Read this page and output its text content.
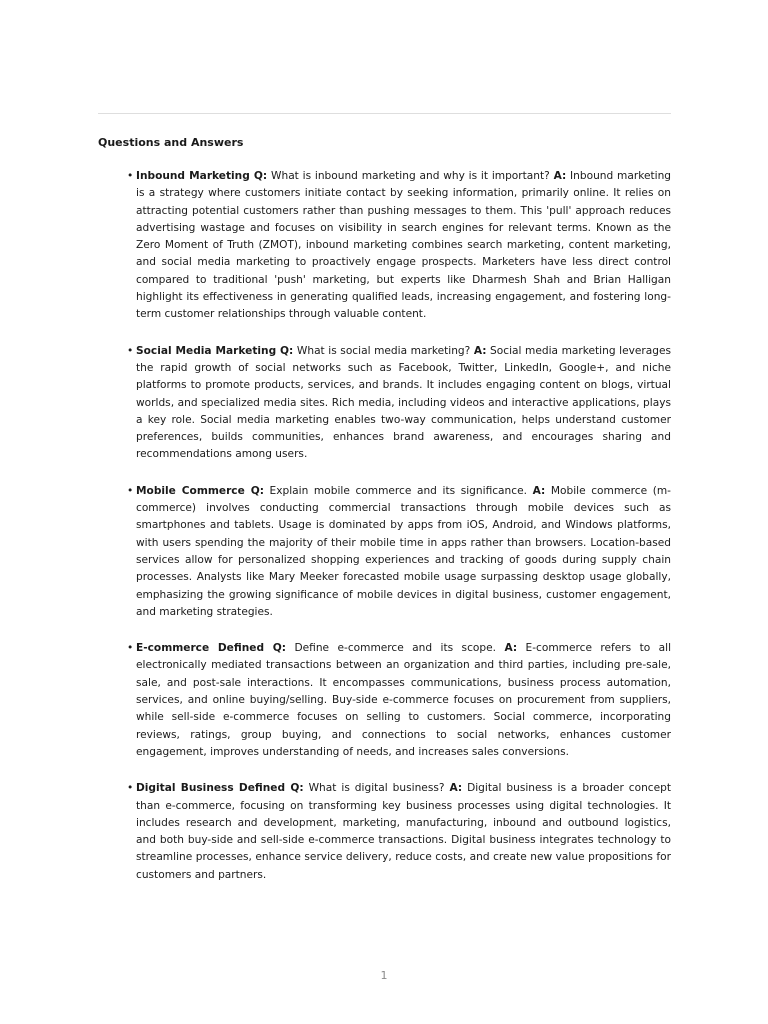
Questions and Answers
• Inbound Marketing Q: What is inbound marketing and why is it important? A: Inbound marketing is a strategy where customers initiate contact by seeking information, primarily online. It relies on attracting potential customers rather than pushing messages to them. This 'pull' approach reduces advertising wastage and focuses on visibility in search engines for relevant terms. Known as the Zero Moment of Truth (ZMOT), inbound marketing combines search marketing, content marketing, and social media marketing to proactively engage prospects. Marketers have less direct control compared to traditional 'push' marketing, but experts like Dharmesh Shah and Brian Halligan highlight its effectiveness in generating qualified leads, increasing engagement, and fostering long-term customer relationships through valuable content.
• Social Media Marketing Q: What is social media marketing? A: Social media marketing leverages the rapid growth of social networks such as Facebook, Twitter, LinkedIn, Google+, and niche platforms to promote products, services, and brands. It includes engaging content on blogs, virtual worlds, and specialized media sites. Rich media, including videos and interactive applications, plays a key role. Social media marketing enables two-way communication, helps understand customer preferences, builds communities, enhances brand awareness, and encourages sharing and recommendations among users.
• Mobile Commerce Q: Explain mobile commerce and its significance. A: Mobile commerce (m-commerce) involves conducting commercial transactions through mobile devices such as smartphones and tablets. Usage is dominated by apps from iOS, Android, and Windows platforms, with users spending the majority of their mobile time in apps rather than browsers. Location-based services allow for personalized shopping experiences and tracking of goods during supply chain processes. Analysts like Mary Meeker forecasted mobile usage surpassing desktop usage globally, emphasizing the growing significance of mobile devices in digital business, customer engagement, and marketing strategies.
• E-commerce Defined Q: Define e-commerce and its scope. A: E-commerce refers to all electronically mediated transactions between an organization and third parties, including pre-sale, sale, and post-sale interactions. It encompasses communications, business process automation, services, and online buying/selling. Buy-side e-commerce focuses on procurement from suppliers, while sell-side e-commerce focuses on selling to customers. Social commerce, incorporating reviews, ratings, group buying, and connections to social networks, enhances customer engagement, improves understanding of needs, and increases sales conversions.
• Digital Business Defined Q: What is digital business? A: Digital business is a broader concept than e-commerce, focusing on transforming key business processes using digital technologies. It includes research and development, marketing, manufacturing, inbound and outbound logistics, and both buy-side and sell-side e-commerce transactions. Digital business integrates technology to streamline processes, enhance service delivery, reduce costs, and create new value propositions for customers and partners.
1
